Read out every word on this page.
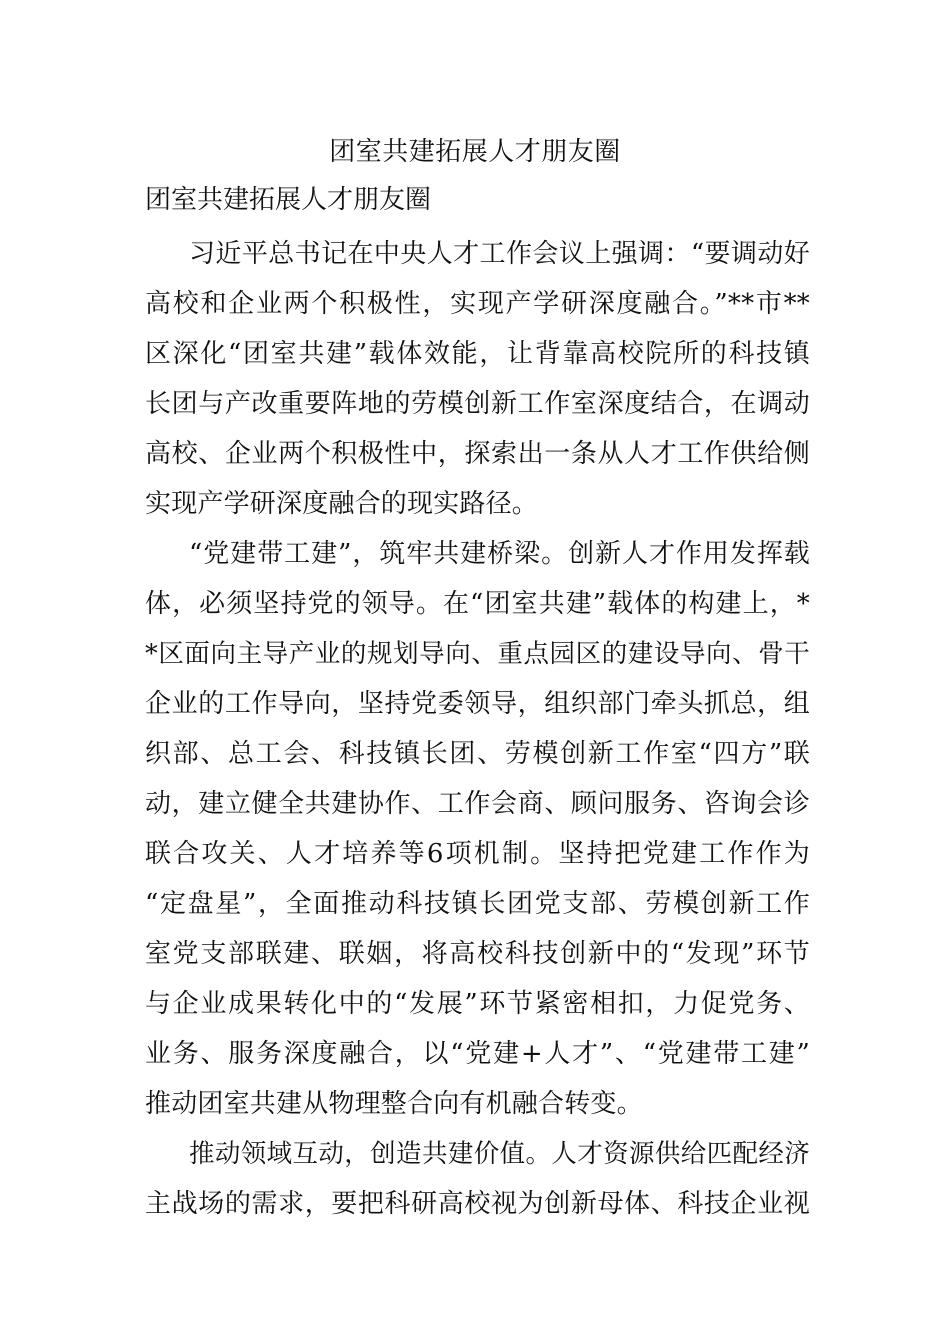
团室共建拓展人才朋友圈
团室共建拓展人才朋友圈
习近平总书记在中央人才工作会议上强调：“要调动好
高校和企业两个积极性，实现产学研深度融合。”**市**
区深化“团室共建”载体效能，让背靠高校院所的科技镇
长团与产改重要阵地的劳模创新工作室深度结合，在调动
高校、企业两个积极性中，探索出一条从人才工作供给侧
实现产学研深度融合的现实路径。
“党建带工建”，筑牢共建桥梁。创新人才作用发挥载
体，必须坚持党的领导。在“团室共建”载体的构建上，*
*区面向主导产业的规划导向、重点园区的建设导向、骨干
企业的工作导向，坚持党委领导，组织部门牵头抓总，组
织部、总工会、科技镇长团、劳模创新工作室“四方”联
动，建立健全共建协作、工作会商、顾问服务、咨询会诊
联合攻关、人才培养等6项机制。坚持把党建工作作为
“定盘星”，全面推动科技镇长团党支部、劳模创新工作
室党支部联建、联姻，将高校科技创新中的“发现”环节
与企业成果转化中的“发展”环节紧密相扣，力促党务、
业务、服务深度融合，以“党建+人才”、“党建带工建”
推动团室共建从物理整合向有机融合转变。
推动领域互动，创造共建价值。人才资源供给匹配经济
主战场的需求，要把科研高校视为创新母体、科技企业视
